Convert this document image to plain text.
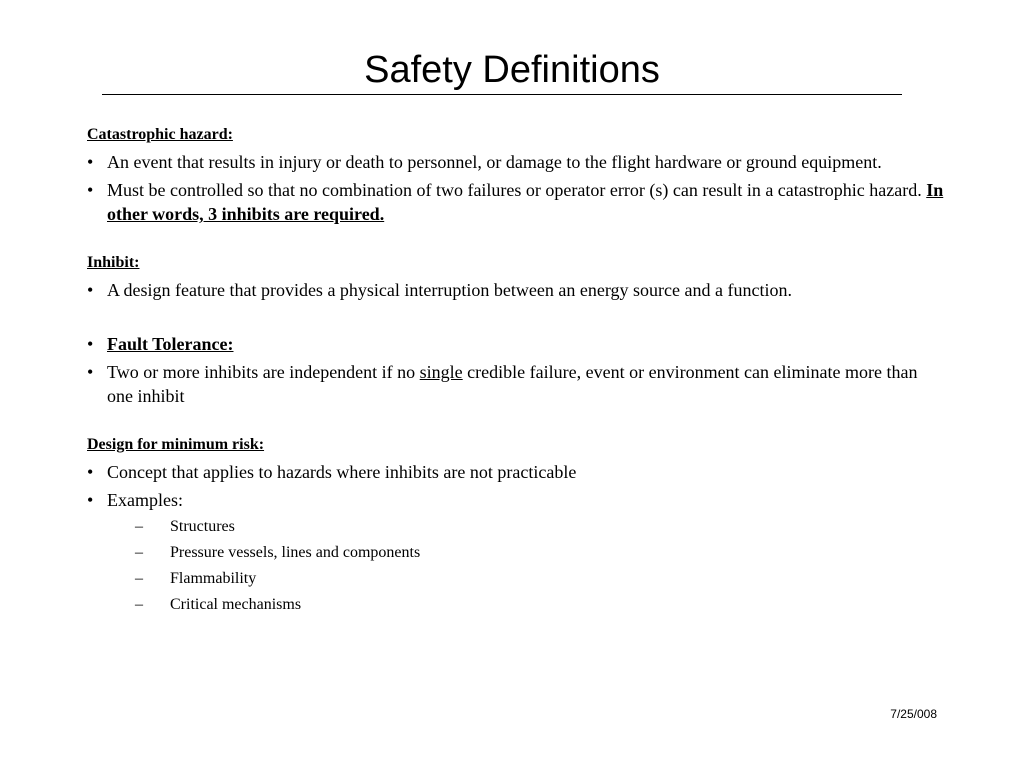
Safety Definitions
Catastrophic hazard:
• An event that results in injury or death to personnel, or damage to the flight hardware or ground equipment.
• Must be controlled so that no combination of two failures or operator error (s) can result in a catastrophic hazard. In other words, 3 inhibits are required.
Inhibit:
• A design feature that provides a physical interruption between an energy source and a function.
• Fault Tolerance:
• Two or more inhibits are independent if no single credible failure, event or environment can eliminate more than one inhibit
Design for minimum risk:
• Concept that applies to hazards where inhibits are not practicable
• Examples:
– Structures
– Pressure vessels, lines and components
– Flammability
– Critical mechanisms
7/25/008
